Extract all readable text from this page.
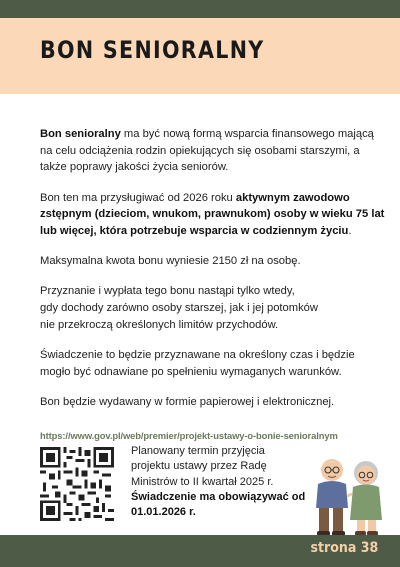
BON SENIORALNY

Bon senioralny ma być nową formą wsparcia finansowego mającą na celu odciążenia rodzin opiekujących się osobami starszymi, a także poprawy jakości życia seniorów.

Bon ten ma przysługiwać od 2026 roku aktywnym zawodowo zstępnym (dzieciom, wnukom, prawnukom) osoby w wieku 75 lat lub więcej, która potrzebuje wsparcia w codziennym życiu.

Maksymalna kwota bonu wyniesie 2150 zł na osobę.

Przyznanie i wypłata tego bonu nastąpi tylko wtedy,
gdy dochody zarówno osoby starszej, jak i jej potomków
nie przekroczą określonych limitów przychodów.

Świadczenie to będzie przyznawane na określony czas i będzie mogło być odnawiane po spełnieniu wymaganych warunków.

Bon będzie wydawany w formie papierowej i elektronicznej.

https://www.gov.pl/web/premier/projekt-ustawy-o-bonie-senioralnym
Planowany termin przyjęcia projektu ustawy przez Radę Ministrów to II kwartał 2025 r. Świadczenie ma obowiązywać od 01.01.2026 r.
strona 38
